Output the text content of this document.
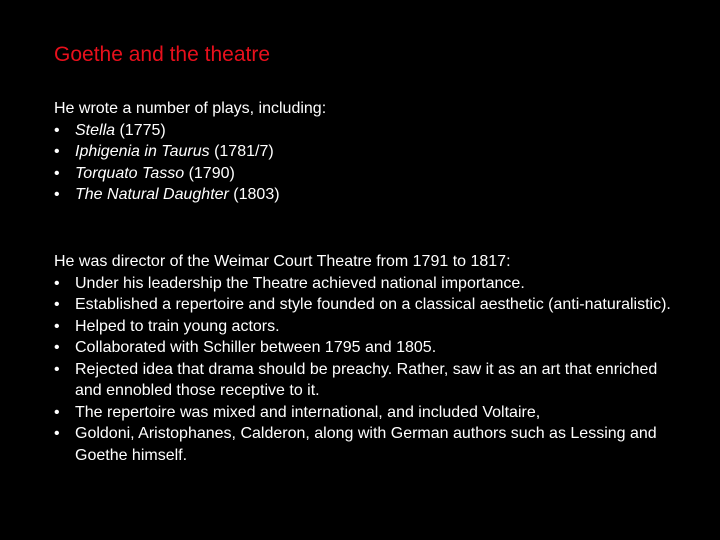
Goethe and the theatre
He wrote a number of plays, including:
• Stella (1775)
• Iphigenia in Taurus (1781/7)
• Torquato Tasso (1790)
• The Natural Daughter (1803)
He was director of the Weimar Court Theatre from 1791 to 1817:
• Under his leadership the Theatre achieved national importance.
• Established a repertoire and style founded on a classical aesthetic (anti-naturalistic).
• Helped to train young actors.
• Collaborated with Schiller between 1795 and 1805.
• Rejected idea that drama should be preachy. Rather, saw it as an art that enriched and ennobled those receptive to it.
• The repertoire was mixed and international, and included Voltaire,
• Goldoni, Aristophanes, Calderon, along with German authors such as Lessing and Goethe himself.
